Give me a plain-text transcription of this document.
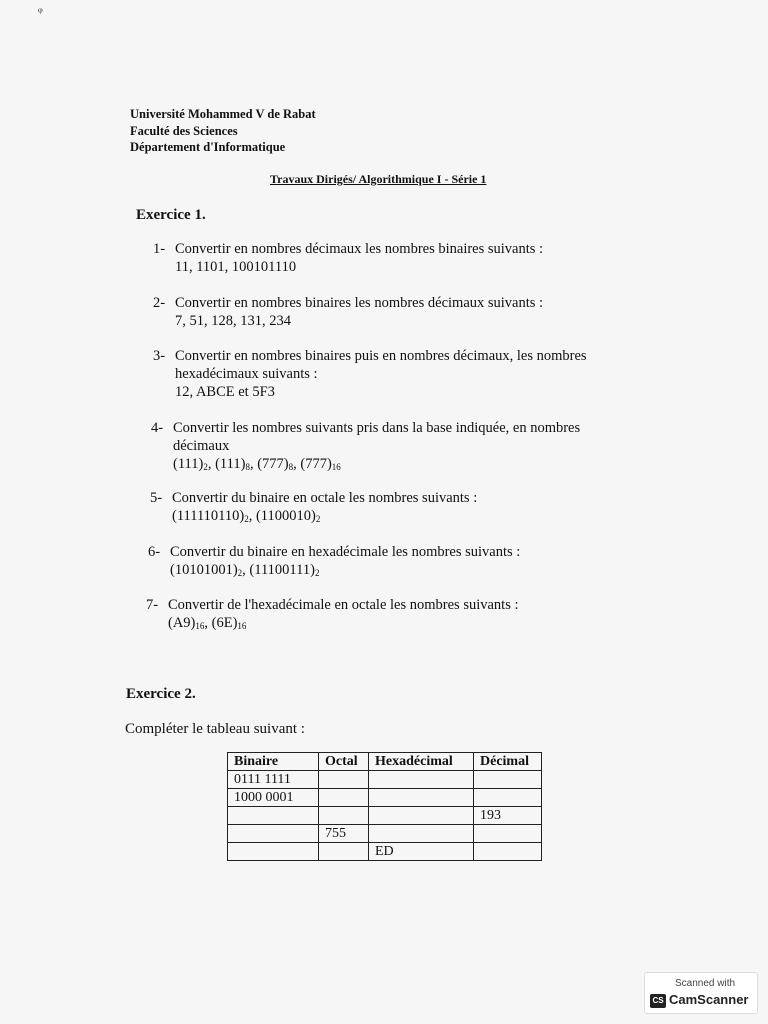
ᵩ
Université Mohammed V de Rabat
Faculté des Sciences
Département d'Informatique
Travaux Dirigés/ Algorithmique I - Série 1
Exercice 1.
1- Convertir en nombres décimaux les nombres binaires suivants :
11, 1101, 100101110
2- Convertir en nombres binaires les nombres décimaux suivants :
7, 51, 128, 131, 234
3- Convertir en nombres binaires puis en nombres décimaux, les nombres
hexadécimaux suivants :
12, ABCE et 5F3
4- Convertir les nombres suivants pris dans la base indiquée, en nombres
décimaux
$(111)_2$, $(111)_8$, $(777)_8$, $(777)_{16}$
5- Convertir du binaire en octale les nombres suivants :
$(111110110)_2$, $(1100010)_2$
6- Convertir du binaire en hexadécimale les nombres suivants :
$(10101001)_2$, $(11100111)_2$
7- Convertir de l'hexadécimale en octale les nombres suivants :
$(A9)_{16}$, $(6E)_{16}$
Exercice 2.
Compléter le tableau suivant :
Binaire	Octal	Hexadécimal	Décimal
0111 1111			
1000 0001			
			193
	755		
		ED	
Scanned with
CS CamScanner
